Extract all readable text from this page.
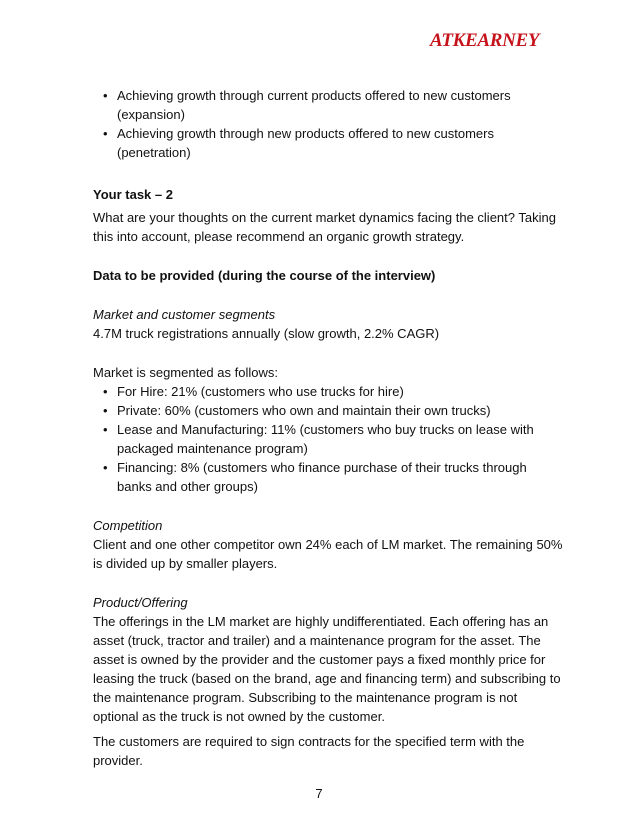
ATKEARNEY
• Achieving growth through current products offered to new customers (expansion)
• Achieving growth through new products offered to new customers (penetration)
Your task – 2
What are your thoughts on the current market dynamics facing the client? Taking this into account, please recommend an organic growth strategy.
Data to be provided (during the course of the interview)
Market and customer segments
4.7M truck registrations annually (slow growth, 2.2% CAGR)
Market is segmented as follows:
• For Hire: 21% (customers who use trucks for hire)
• Private: 60% (customers who own and maintain their own trucks)
• Lease and Manufacturing: 11% (customers who buy trucks on lease with packaged maintenance program)
• Financing: 8% (customers who finance purchase of their trucks through banks and other groups)
Competition
Client and one other competitor own 24% each of LM market. The remaining 50% is divided up by smaller players.
Product/Offering
The offerings in the LM market are highly undifferentiated. Each offering has an asset (truck, tractor and trailer) and a maintenance program for the asset. The asset is owned by the provider and the customer pays a fixed monthly price for leasing the truck (based on the brand, age and financing term) and subscribing to the maintenance program. Subscribing to the maintenance program is not optional as the truck is not owned by the customer.
The customers are required to sign contracts for the specified term with the provider.
7
